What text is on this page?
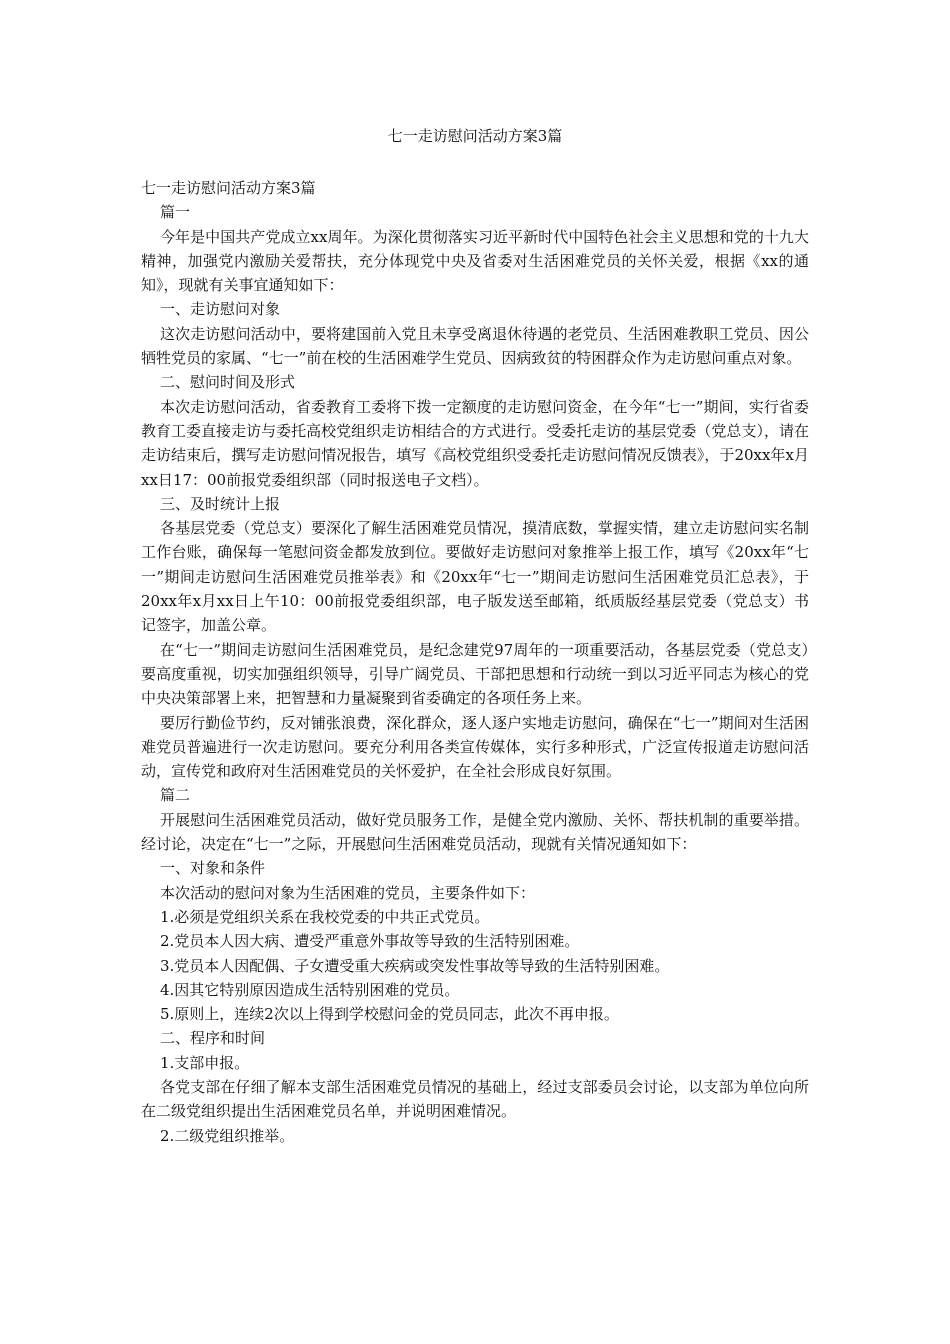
七一走访慰问活动方案3篇

七一走访慰问活动方案3篇

篇一

今年是中国共产党成立xx周年。为深化贯彻落实习近平新时代中国特色社会主义思想和党的十九大精神，加强党内激励关爱帮扶，充分体现党中央及省委对生活困难党员的关怀关爱，根据《xx的通知》，现就有关事宜通知如下：

一、走访慰问对象

这次走访慰问活动中，要将建国前入党且未享受离退休待遇的老党员、生活困难教职工党员、因公牺牲党员的家属、“七一”前在校的生活困难学生党员、因病致贫的特困群众作为走访慰问重点对象。

二、慰问时间及形式

本次走访慰问活动，省委教育工委将下拨一定额度的走访慰问资金，在今年“七一”期间，实行省委教育工委直接走访与委托高校党组织走访相结合的方式进行。受委托走访的基层党委（党总支），请在走访结束后，撰写走访慰问情况报告，填写《高校党组织受委托走访慰问情况反馈表》，于20xx年x月xx日17：00前报党委组织部（同时报送电子文档）。

三、及时统计上报

各基层党委（党总支）要深化了解生活困难党员情况，摸清底数，掌握实情，建立走访慰问实名制工作台账，确保每一笔慰问资金都发放到位。要做好走访慰问对象推举上报工作，填写《20xx年“七一”期间走访慰问生活困难党员推举表》和《20xx年“七一”期间走访慰问生活困难党员汇总表》，于20xx年x月xx日上午10：00前报党委组织部，电子版发送至邮箱，纸质版经基层党委（党总支）书记签字，加盖公章。

在“七一”期间走访慰问生活困难党员，是纪念建党97周年的一项重要活动，各基层党委（党总支）要高度重视，切实加强组织领导，引导广阔党员、干部把思想和行动统一到以习近平同志为核心的党中央决策部署上来，把智慧和力量凝聚到省委确定的各项任务上来。

要厉行勤俭节约，反对铺张浪费，深化群众，逐人逐户实地走访慰问，确保在“七一”期间对生活困难党员普遍进行一次走访慰问。要充分利用各类宣传媒体，实行多种形式，广泛宣传报道走访慰问活动，宣传党和政府对生活困难党员的关怀爱护，在全社会形成良好氛围。

篇二

开展慰问生活困难党员活动，做好党员服务工作，是健全党内激励、关怀、帮扶机制的重要举措。经讨论，决定在“七一”之际，开展慰问生活困难党员活动，现就有关情况通知如下：

一、对象和条件

本次活动的慰问对象为生活困难的党员，主要条件如下：

1.必须是党组织关系在我校党委的中共正式党员。

2.党员本人因大病、遭受严重意外事故等导致的生活特别困难。

3.党员本人因配偶、子女遭受重大疾病或突发性事故等导致的生活特别困难。

4.因其它特别原因造成生活特别困难的党员。

5.原则上，连续2次以上得到学校慰问金的党员同志，此次不再申报。

二、程序和时间

1.支部申报。

各党支部在仔细了解本支部生活困难党员情况的基础上，经过支部委员会讨论，以支部为单位向所在二级党组织提出生活困难党员名单，并说明困难情况。

2.二级党组织推举。
